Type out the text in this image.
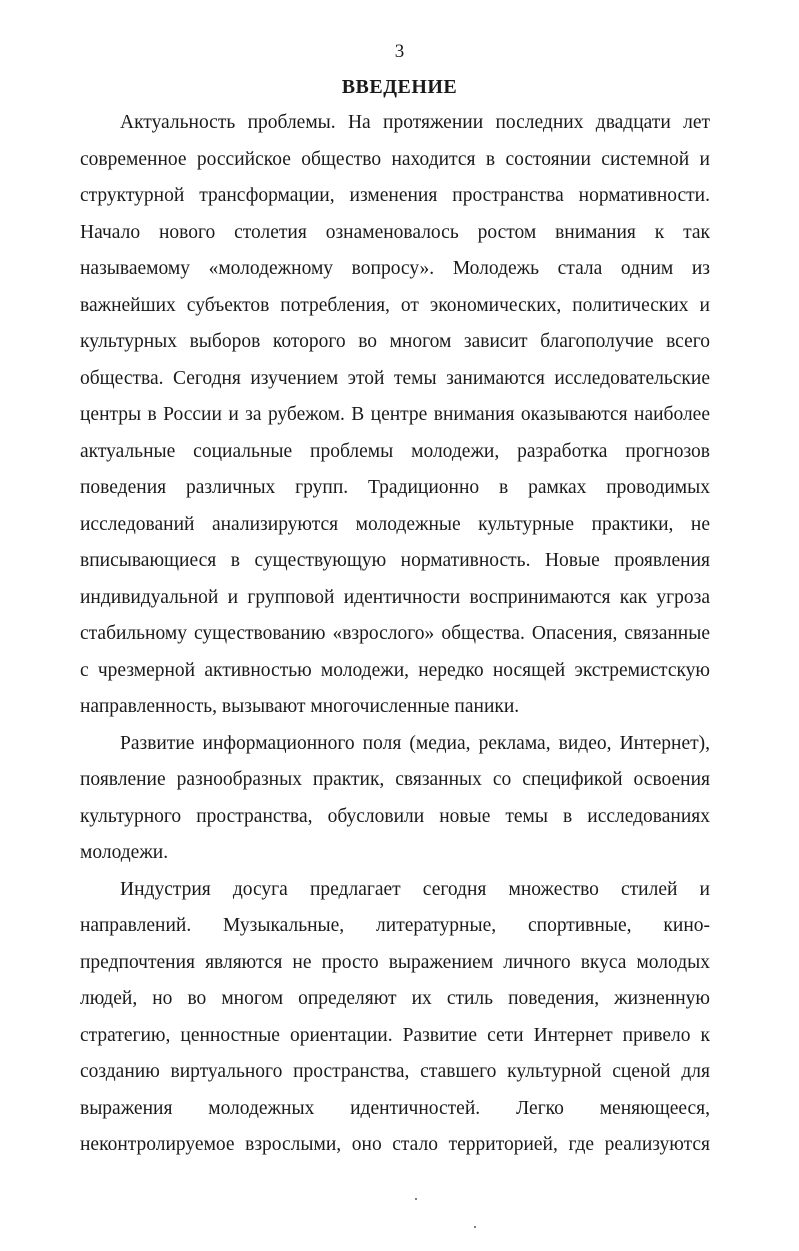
3
ВВЕДЕНИЕ
Актуальность проблемы. На протяжении последних двадцати лет
современное российское общество находится в состоянии системной и
структурной трансформации, изменения пространства нормативности.
Начало нового столетия ознаменовалось ростом внимания к так
называемому «молодежному вопросу». Молодежь стала одним из
важнейших субъектов потребления, от экономических, политических и
культурных выборов которого во многом зависит благополучие всего
общества. Сегодня изучением этой темы занимаются исследовательские
центры в России и за рубежом. В центре внимания оказываются наиболее
актуальные социальные проблемы молодежи, разработка прогнозов
поведения различных групп. Традиционно в рамках проводимых
исследований анализируются молодежные культурные практики, не
вписывающиеся в существующую нормативность. Новые проявления
индивидуальной и групповой идентичности воспринимаются как угроза
стабильному существованию «взрослого» общества. Опасения, связанные
с чрезмерной активностью молодежи, нередко носящей экстремистскую
направленность, вызывают многочисленные паники.
Развитие информационного поля (медиа, реклама, видео, Интернет),
появление разнообразных практик, связанных со спецификой освоения
культурного пространства, обусловили новые темы в исследованиях
молодежи.
Индустрия досуга предлагает сегодня множество стилей и
направлений. Музыкальные, литературные, спортивные, кино-
предпочтения являются не просто выражением личного вкуса молодых
людей, но во многом определяют их стиль поведения, жизненную
стратегию, ценностные ориентации. Развитие сети Интернет привело к
созданию виртуального пространства, ставшего культурной сценой для
выражения молодежных идентичностей. Легко меняющееся,
неконтролируемое взрослыми, оно стало территорией, где реализуются
